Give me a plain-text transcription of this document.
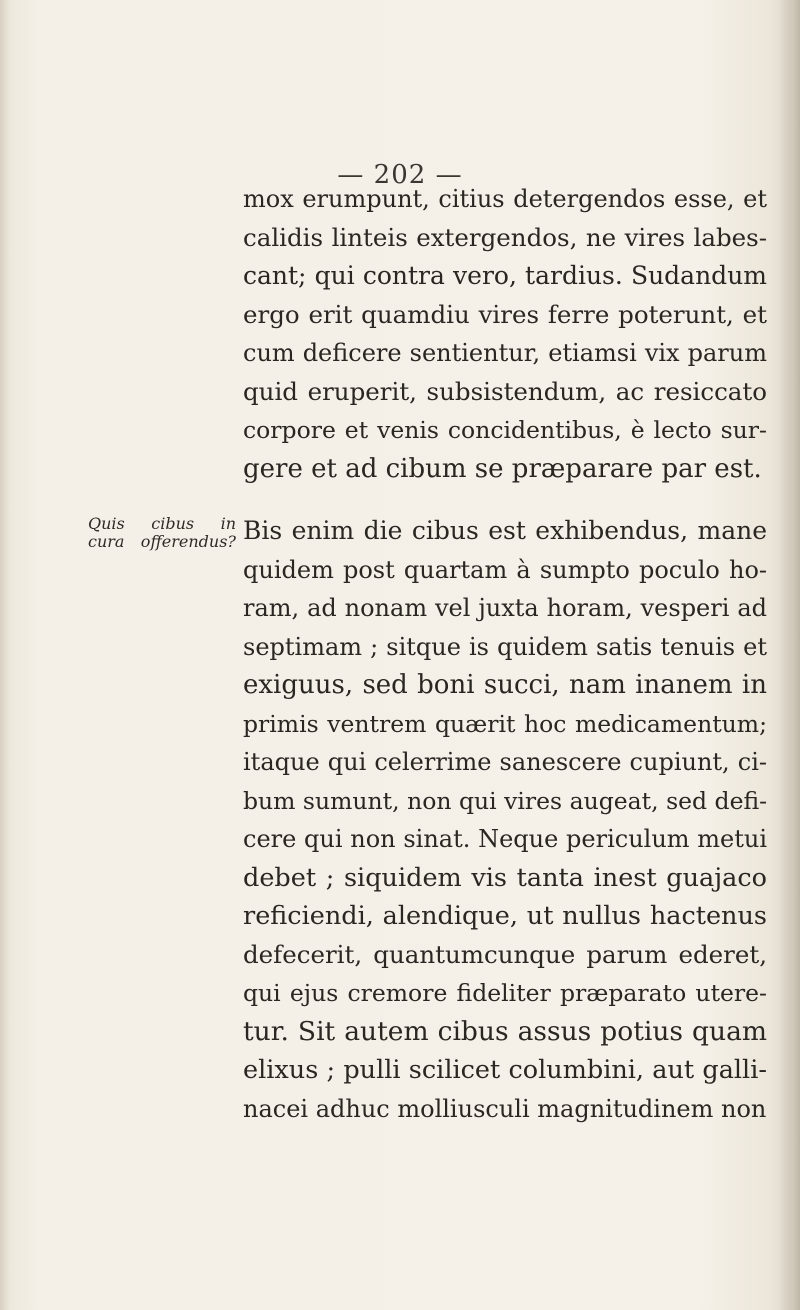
— 202 —
mox erumpunt, citius detergendos esse, et
calidis linteis extergendos, ne vires labes-
cant; qui contra vero, tardius. Sudandum
ergo erit quamdiu vires ferre poterunt, et
cum deficere sentientur, etiamsi vix parum
quid eruperit, subsistendum, ac resiccato
corpore et venis concidentibus, è lecto sur-
gere et ad cibum se præparare par est.
Quis cibus in
cura offerendus? Bis enim die cibus est exhibendus, mane
quidem post quartam à sumpto poculo ho-
ram, ad nonam vel juxta horam, vesperi ad
septimam ; sitque is quidem satis tenuis et
exiguus, sed boni succi, nam inanem in
primis ventrem quærit hoc medicamentum;
itaque qui celerrime sanescere cupiunt, ci-
bum sumunt, non qui vires augeat, sed defi-
cere qui non sinat. Neque periculum metui
debet ; siquidem vis tanta inest guajaco
reficiendi, alendique, ut nullus hactenus
defecerit, quantumcunque parum ederet,
qui ejus cremore fideliter præparato utere-
tur. Sit autem cibus assus potius quam
elixus ; pulli scilicet columbini, aut galli-
nacei adhuc molliusculi magnitudinem non
